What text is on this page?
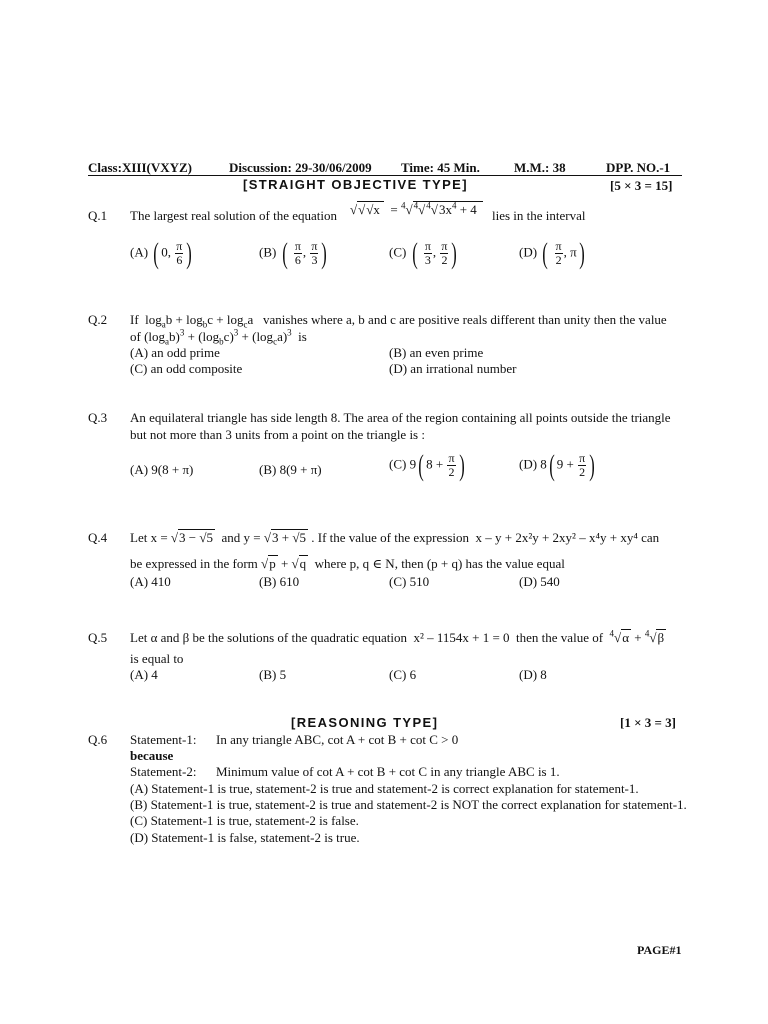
Class:XIII(VXYZ)	Discussion: 29-30/06/2009 Time: 45 Min.	M.M.: 38	DPP. NO.-1
[STRAIGHT OBJECTIVE TYPE]	[5 × 3 = 15]
Q.1 The largest real solution of the equation $√√√x = ^4√^4√^4√3x^4 + 4$	lies in the interval
(A) ( 0, $\frac{\pi}{6}$ )	(B) ( $\frac{\pi}{6}$ , $\frac{\pi}{3}$ )	(C) ( $\frac{\pi}{3}$ , $\frac{\pi}{2}$ )	(D) ( $\frac{\pi}{2}$ , π)
Q.2 If  $\log_ab + \log_bc + \log_ca$   vanishes where a, b and c are positive reals different than unity then the value
of $(\log_ab)^3 + (\log_bc)^3 + (\log_ca)^3$ is
(A) an odd prime	(B) an even prime
(C) an odd composite	(D) an irrational number
Q.3 An equilateral triangle has side length 8. The area of the region containing all points outside the triangle
but not more than 3 units from a point on the triangle is :
(A) 9(8 + π)	(B) 8(9 + π)	(C) 9( $8 + \frac{\pi}{2}$ )	(D) 8( $9 + \frac{\pi}{2}$ )
Q.4 Let x = √3 − √5 and y = √3 + √5 . If the value of the expression x – y + 2x²y + 2xy² – x⁴y + xy⁴ can
be expressed in the form √p + √q where p, q ∈ N, then (p + q) has the value equal
(A) 410	(B) 610	(C) 510	(D) 540
Q.5 Let α and β be the solutions of the quadratic equation x² – 1154x + 1 = 0 then the value of $^4$√α + $^4$√β
is equal to
(A) 4	(B) 5	(C) 6	(D) 8
[REASONING TYPE]	[1 × 3 = 3]
Q.6 Statement-1: In any triangle ABC, cot A + cot B + cot C > 0
because
Statement-2: Minimum value of cot A + cot B + cot C in any triangle ABC is 1.
(A) Statement-1 is true, statement-2 is true and statement-2 is correct explanation for statement-1.
(B) Statement-1 is true, statement-2 is true and statement-2 is NOT the correct explanation for statement-1.
(C) Statement-1 is true, statement-2 is false.
(D) Statement-1 is false, statement-2 is true.
PAGE#1
